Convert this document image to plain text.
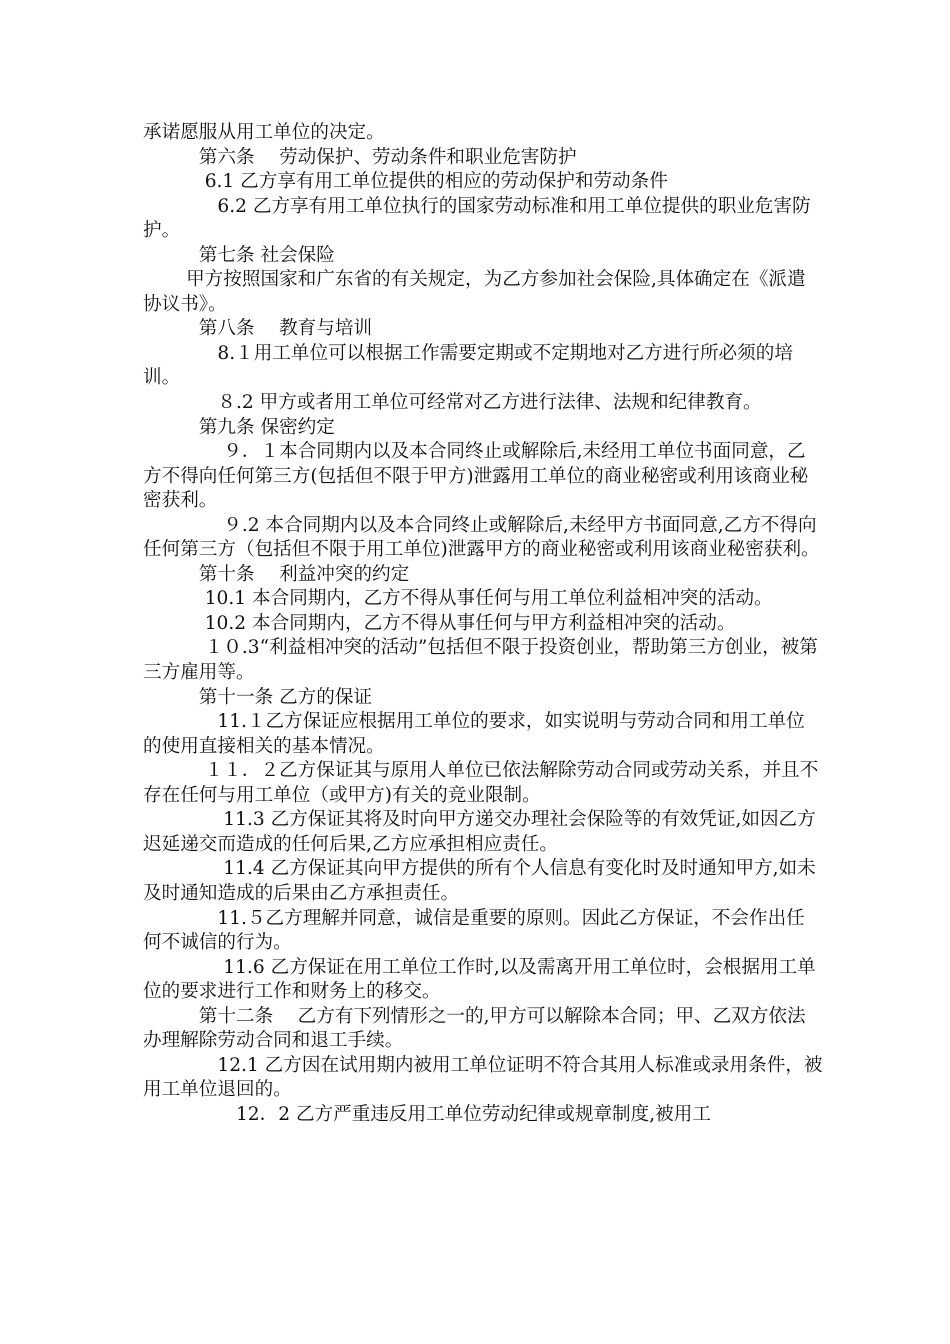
承诺愿服从用工单位的决定。

　　　第六条　 劳动保护、劳动条件和职业危害防护

　　　 6.1 乙方享有用工单位提供的相应的劳动保护和劳动条件

　　　　6.2 乙方享有用工单位执行的国家劳动标准和用工单位提供的职业危害防护。

　　　第七条 社会保险

　　 甲方按照国家和广东省的有关规定，为乙方参加社会保险,具体确定在《派遣协议书》。

　　　第八条　 教育与培训

　　　　8.１用工单位可以根据工作需要定期或不定期地对乙方进行所必须的培训。

　　　　８.2 甲方或者用工单位可经常对乙方进行法律、法规和纪律教育。

　　　第九条 保密约定

　　　　 ９．１本合同期内以及本合同终止或解除后,未经用工单位书面同意，乙方不得向任何第三方(包括但不限于甲方)泄露用工单位的商业秘密或利用该商业秘密获利。

　　　　 ９.2 本合同期内以及本合同终止或解除后,未经甲方书面同意,乙方不得向任何第三方（包括但不限于用工单位)泄露甲方的商业秘密或利用该商业秘密获利。

　　　第十条　 利益冲突的约定

　　　 10.1 本合同期内，乙方不得从事任何与用工单位利益相冲突的活动。

　　　 10.2 本合同期内，乙方不得从事任何与甲方利益相冲突的活动。

　　　 １０.3“利益相冲突的活动”包括但不限于投资创业，帮助第三方创业，被第三方雇用等。

　　　第十一条 乙方的保证

　　　　11.１乙方保证应根据用工单位的要求，如实说明与劳动合同和用工单位的使用直接相关的基本情况。

　　　 １１．２乙方保证其与原用人单位已依法解除劳动合同或劳动关系，并且不存在任何与用工单位（或甲方)有关的竞业限制。

　　　　 11.3 乙方保证其将及时向甲方递交办理社会保险等的有效凭证,如因乙方迟延递交而造成的任何后果,乙方应承担相应责任。

　　　　 11.4 乙方保证其向甲方提供的所有个人信息有变化时及时通知甲方,如未及时通知造成的后果由乙方承担责任。

　　　　11.５乙方理解并同意，诚信是重要的原则。因此乙方保证，不会作出任何不诚信的行为。

　　　　 11.6 乙方保证在用工单位工作时,以及需离开用工单位时，会根据用工单位的要求进行工作和财务上的移交。

　　　第十二条　 乙方有下列情形之一的,甲方可以解除本合同；甲、乙双方依法办理解除劳动合同和退工手续。

　　　　12.1 乙方因在试用期内被用工单位证明不符合其用人标准或录用条件，被用工单位退回的。

　　　　　12．2 乙方严重违反用工单位劳动纪律或规章制度,被用工
